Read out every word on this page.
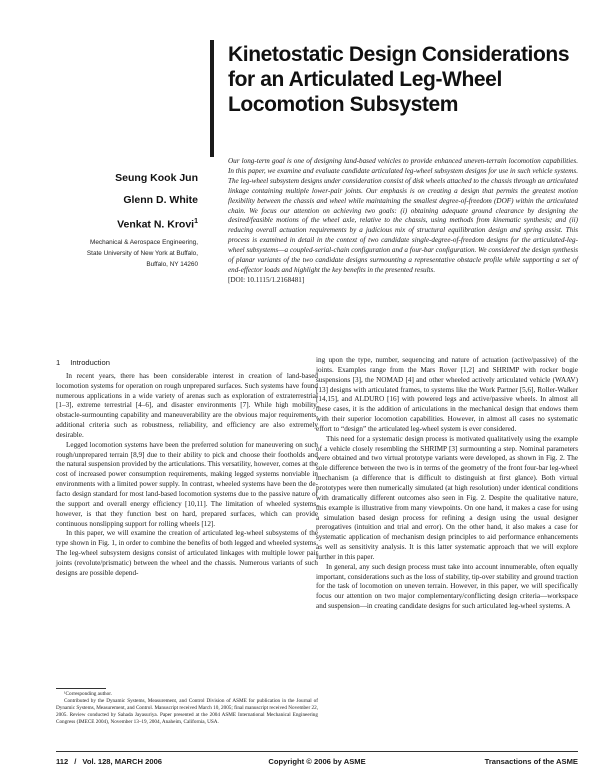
Kinetostatic Design Considerations for an Articulated Leg-Wheel Locomotion Subsystem
Seung Kook Jun
Glenn D. White
Venkat N. Krovi$^1$
Mechanical & Aerospace Engineering,
State University of New York at Buffalo,
Buffalo, NY 14260
Our long-term goal is one of designing land-based vehicles to provide enhanced uneven-terrain locomotion capabilities. In this paper, we examine and evaluate candidate articulated leg-wheel subsystem designs for use in such vehicle systems. The leg-wheel subsystem designs under consideration consist of disk wheels attached to the chassis through an articulated linkage containing multiple lower-pair joints. Our emphasis is on creating a design that permits the greatest motion flexibility between the chassis and wheel while maintaining the smallest degree-of-freedom (DOF) within the articulated chain. We focus our attention on achieving two goals: (i) obtaining adequate ground clearance by designing the desired/feasible motions of the wheel axle, relative to the chassis, using methods from kinematic synthesis; and (ii) reducing overall actuation requirements by a judicious mix of structural equilibration design and spring assist. This process is examined in detail in the context of two candidate single-degree-of-freedom designs for the articulated-leg-wheel subsystems—a coupled-serial-chain configuration and a four-bar configuration. We considered the design synthesis of planar variants of the two candidate designs surmounting a representative obstacle profile while supporting a set of end-effector loads and highlight the key benefits in the presented results.
[DOI: 10.1115/1.2168481]
1 Introduction

In recent years, there has been considerable interest in creation of land-based locomotion systems for operation on rough unprepared surfaces. Such systems have found numerous applications in a wide variety of arenas such as exploration of extraterrestrial [1–3], extreme terrestrial [4–6], and disaster environments [7]. While high mobility, obstacle-surmounting capability and maneuverability are the obvious major requirements, additional criteria such as robustness, reliability, and efficiency are also extremely desirable.

Legged locomotion systems have been the preferred solution for maneuvering on such rough/unprepared terrain [8,9] due to their ability to pick and choose their footholds and the natural suspension provided by the articulations. This versatility, however, comes at the cost of increased power consumption requirements, making legged systems nonviable in environments with a limited power supply. In contrast, wheeled systems have been the de-facto design standard for most land-based locomotion systems due to the passive nature of the support and overall energy efficiency [10,11]. The limitation of wheeled systems, however, is that they function best on hard, prepared surfaces, which can provide continuous nonslipping support for rolling wheels [12].

In this paper, we will examine the creation of articulated leg-wheel subsystems of the type shown in Fig. 1, in order to combine the benefits of both legged and wheeled systems. The leg-wheel subsystem designs consist of articulated linkages with multiple lower pair joints (revolute/prismatic) between the wheel and the chassis. Numerous variants of such designs are possible depend-

ing upon the type, number, sequencing and nature of actuation (active/passive) of the joints. Examples range from the Mars Rover [1,2] and SHRIMP with rocker bogie suspensions [3], the NOMAD [4] and other wheeled actively articulated vehicle (WAAV) [13] designs with articulated frames, to systems like the Work Partner [5,6], Roller-Walker [14,15], and ALDURO [16] with powered legs and active/passive wheels. In almost all these cases, it is the addition of articulations in the mechanical design that endows them with their superior locomotion capabilities. However, in almost all cases no systematic effort to “design” the articulated leg-wheel system is ever considered.

This need for a systematic design process is motivated qualitatively using the example of a vehicle closely resembling the SHRIMP [3] surmounting a step. Nominal parameters were obtained and two virtual prototype variants were developed, as shown in Fig. 2. The sole difference between the two is in terms of the geometry of the front four-bar leg-wheel mechanism (a difference that is difficult to distinguish at first glance). Both virtual prototypes were then numerically simulated (at high resolution) under identical conditions with dramatically different outcomes also seen in Fig. 2. Despite the qualitative nature, this example is illustrative from many viewpoints. On one hand, it makes a case for using a simulation based design process for refining a design using the usual designer prerogatives (intuition and trial and error). On the other hand, it also makes a case for systematic application of mechanism design principles to aid performance enhancements as well as sensitivity analysis. It is this latter systematic approach that we will explore further in this paper.

In general, any such design process must take into account innumerable, often equally important, considerations such as the loss of stability, tip-over stability and ground traction for the task of locomotion on uneven terrain. However, in this paper, we will specifically focus our attention on two major complementary/conflicting design criteria—workspace and suspension—in creating candidate designs for such articulated leg-wheel systems. A

¹Corresponding author.

Contributed by the Dynamic Systems, Measurement, and Control Division of ASME for publication in the Journal of Dynamic Systems, Measurement, and Control. Manuscript received March 10, 2005; final manuscript received November 22, 2005. Review conducted by Sahada Jayasuriya. Paper presented at the 2004 ASME International Mechanical Engineering Congress (IMECE 2004), November 13–19, 2004, Anaheim, California, USA.

112 / Vol. 128, MARCH 2006	Copyright © 2006 by ASME	Transactions of the ASME
